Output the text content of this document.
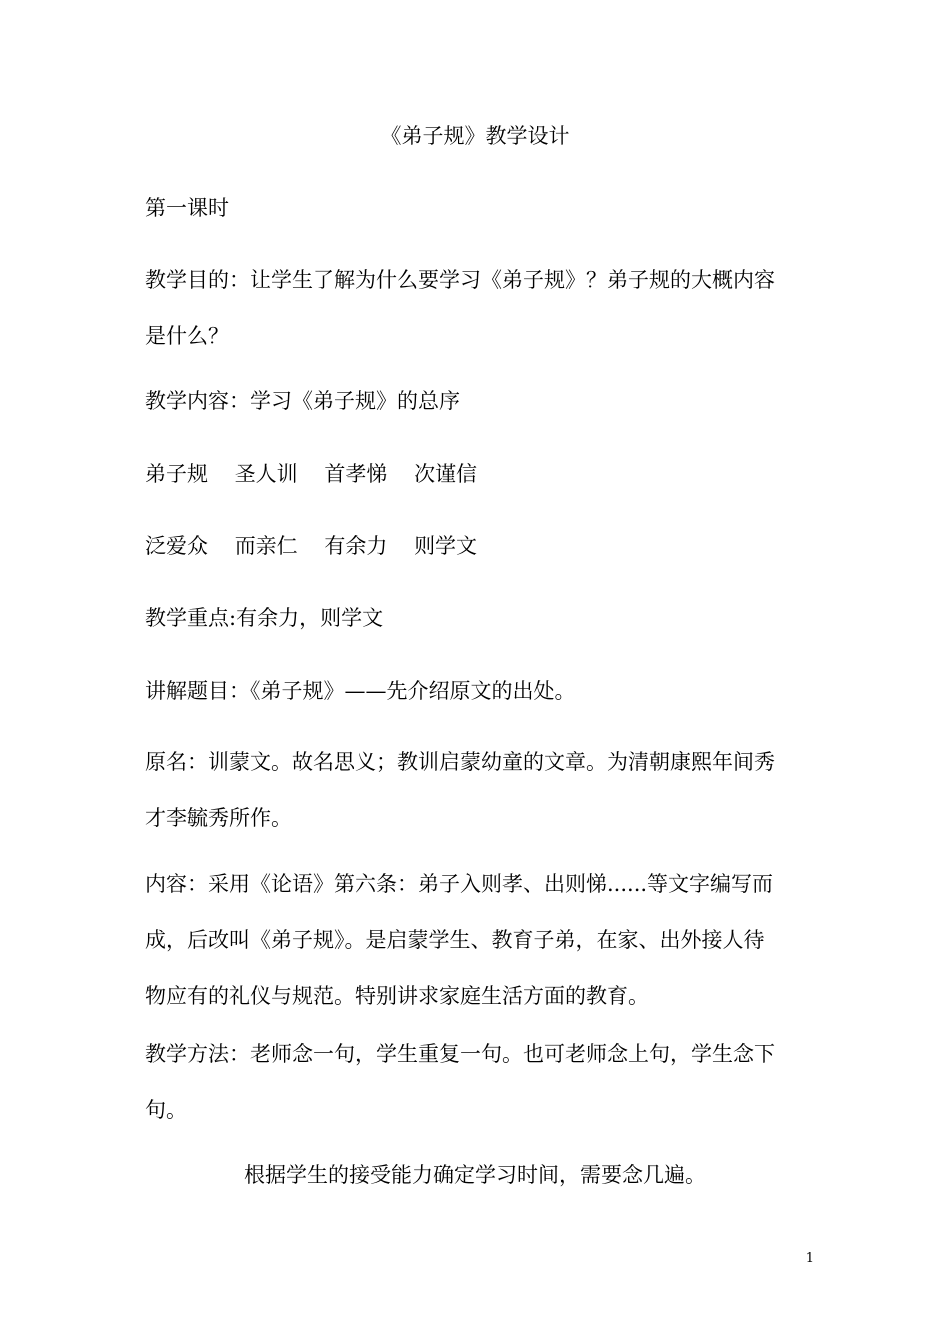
《弟子规》教学设计
第一课时
教学目的：让学生了解为什么要学习《弟子规》？弟子规的大概内容
是什么？
教学内容：学习《弟子规》的总序
弟子规 圣人训 首孝悌 次谨信
泛爱众 而亲仁 有余力 则学文
教学重点:有余力，则学文
讲解题目：《弟子规》——先介绍原文的出处。
原名：训蒙文。故名思义；教训启蒙幼童的文章。为清朝康熙年间秀
才李毓秀所作。
内容：采用《论语》第六条：弟子入则孝、出则悌......等文字编写而
成，后改叫《弟子规》。是启蒙学生、教育子弟，在家、出外接人待
物应有的礼仪与规范。特别讲求家庭生活方面的教育。
教学方法：老师念一句，学生重复一句。也可老师念上句，学生念下
句。
根据学生的接受能力确定学习时间，需要念几遍。
1
